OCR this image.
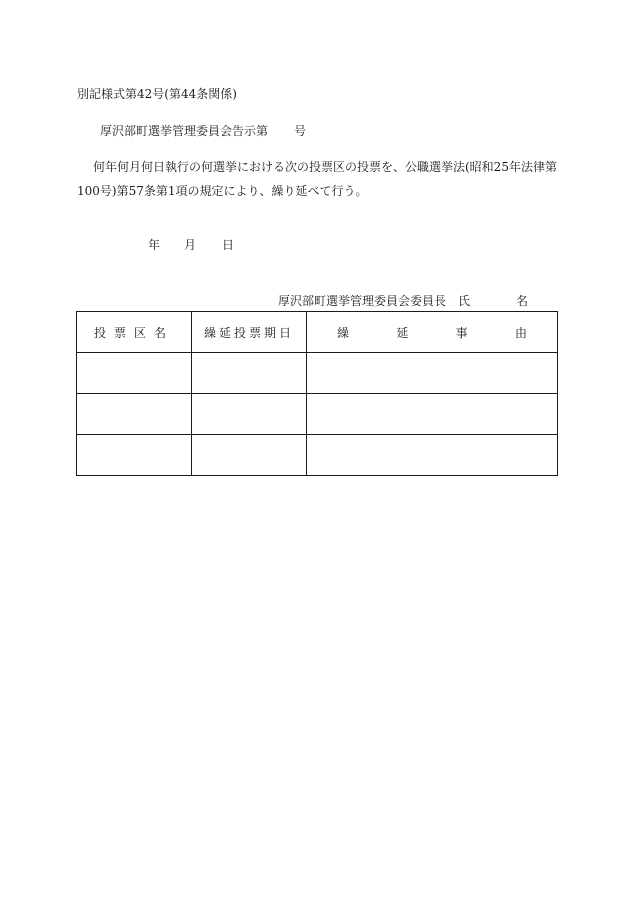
別記様式第42号(第44条関係)
厚沢部町選挙管理委員会告示第 号
何年何月何日執行の何選挙における次の投票区の投票を、公職選挙法(昭和25年法律第
100号)第57条第1項の規定により、繰り延べて行う。
年 月 日
厚沢部町選挙管理委員会委員長 氏	名
投票区名	繰延投票期日	繰 延 事 由
